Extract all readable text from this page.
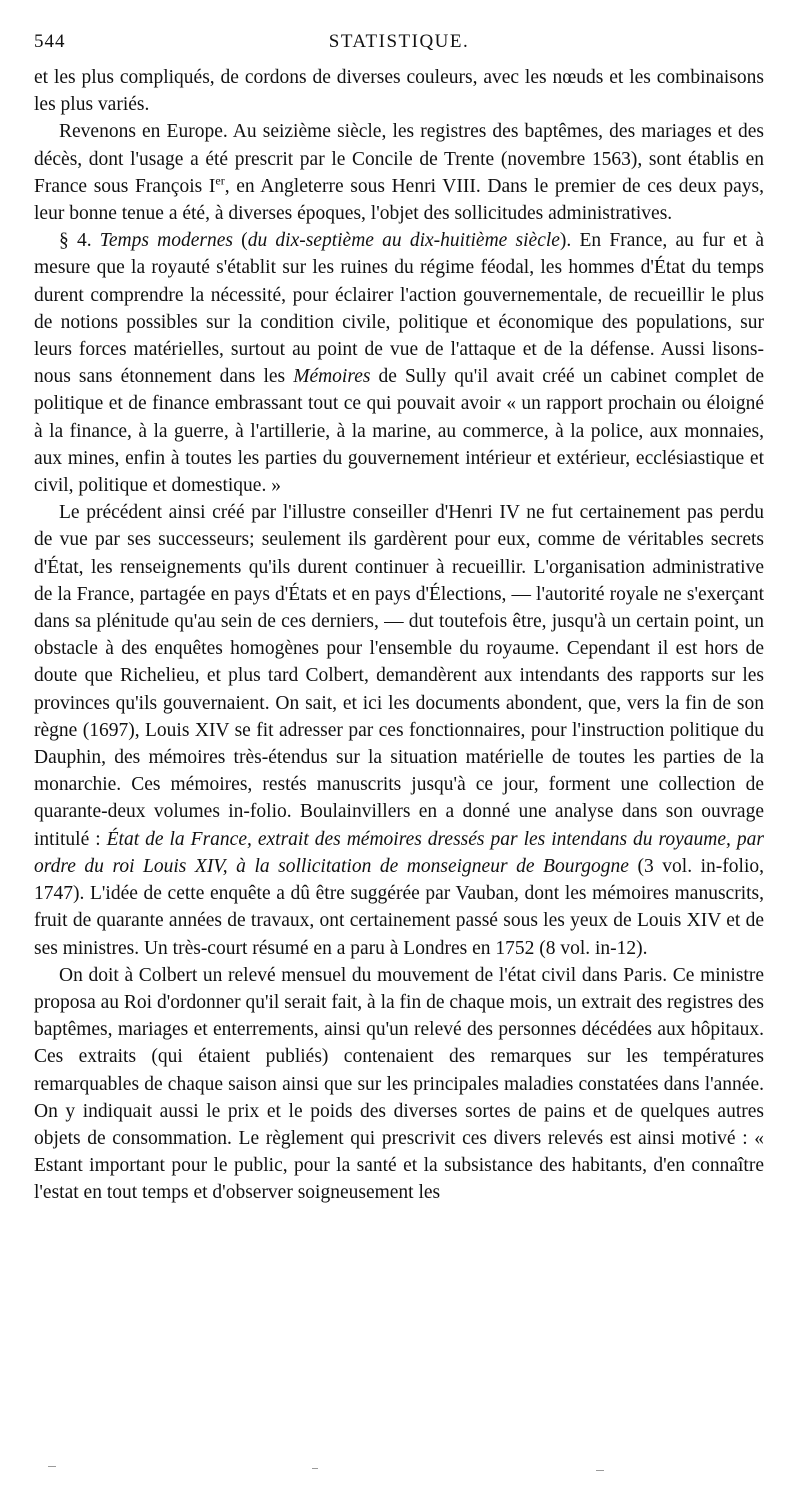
544	STATISTIQUE.

et les plus compliqués, de cordons de diverses couleurs, avec les nœuds et les combinaisons les plus variés.

Revenons en Europe. Au seizième siècle, les registres des baptêmes, des mariages et des décès, dont l'usage a été prescrit par le Concile de Trente (novembre 1563), sont établis en France sous François Ier, en Angleterre sous Henri VIII. Dans le premier de ces deux pays, leur bonne tenue a été, à diverses époques, l'objet des sollicitudes administratives.

§ 4. Temps modernes (du dix-septième au dix-huitième siècle). En France, au fur et à mesure que la royauté s'établit sur les ruines du régime féodal, les hommes d'État du temps durent comprendre la nécessité, pour éclairer l'action gouvernementale, de recueillir le plus de notions possibles sur la condition civile, politique et économique des populations, sur leurs forces matérielles, surtout au point de vue de l'attaque et de la défense. Aussi lisons-nous sans étonnement dans les Mémoires de Sully qu'il avait créé un cabinet complet de politique et de finance embrassant tout ce qui pouvait avoir « un rapport prochain ou éloigné à la finance, à la guerre, à l'artillerie, à la marine, au commerce, à la police, aux monnaies, aux mines, enfin à toutes les parties du gouvernement intérieur et extérieur, ecclésiastique et civil, politique et domestique. »

Le précédent ainsi créé par l'illustre conseiller d'Henri IV ne fut certainement pas perdu de vue par ses successeurs; seulement ils gardèrent pour eux, comme de véritables secrets d'État, les renseignements qu'ils durent continuer à recueillir. L'organisation administrative de la France, partagée en pays d'États et en pays d'Élections, — l'autorité royale ne s'exerçant dans sa plénitude qu'au sein de ces derniers, — dut toutefois être, jusqu'à un certain point, un obstacle à des enquêtes homogènes pour l'ensemble du royaume. Cependant il est hors de doute que Richelieu, et plus tard Colbert, demandèrent aux intendants des rapports sur les provinces qu'ils gouvernaient. On sait, et ici les documents abondent, que, vers la fin de son règne (1697), Louis XIV se fit adresser par ces fonctionnaires, pour l'instruction politique du Dauphin, des mémoires très-étendus sur la situation matérielle de toutes les parties de la monarchie. Ces mémoires, restés manuscrits jusqu'à ce jour, forment une collection de quarante-deux volumes in-folio. Boulainvillers en a donné une analyse dans son ouvrage intitulé : État de la France, extrait des mémoires dressés par les intendans du royaume, par ordre du roi Louis XIV, à la sollicitation de monseigneur de Bourgogne (3 vol. in-folio, 1747). L'idée de cette enquête a dû être suggérée par Vauban, dont les mémoires manuscrits, fruit de quarante années de travaux, ont certainement passé sous les yeux de Louis XIV et de ses ministres. Un très-court résumé en a paru à Londres en 1752 (8 vol. in-12).

On doit à Colbert un relevé mensuel du mouvement de l'état civil dans Paris. Ce ministre proposa au Roi d'ordonner qu'il serait fait, à la fin de chaque mois, un extrait des registres des baptêmes, mariages et enterrements, ainsi qu'un relevé des personnes décédées aux hôpitaux. Ces extraits (qui étaient publiés) contenaient des remarques sur les températures remarquables de chaque saison ainsi que sur les principales maladies constatées dans l'année. On y indiquait aussi le prix et le poids des diverses sortes de pains et de quelques autres objets de consommation. Le règlement qui prescrivit ces divers relevés est ainsi motivé : « Estant important pour le public, pour la santé et la subsistance des habitants, d'en connaître l'estat en tout temps et d'observer soigneusement les
